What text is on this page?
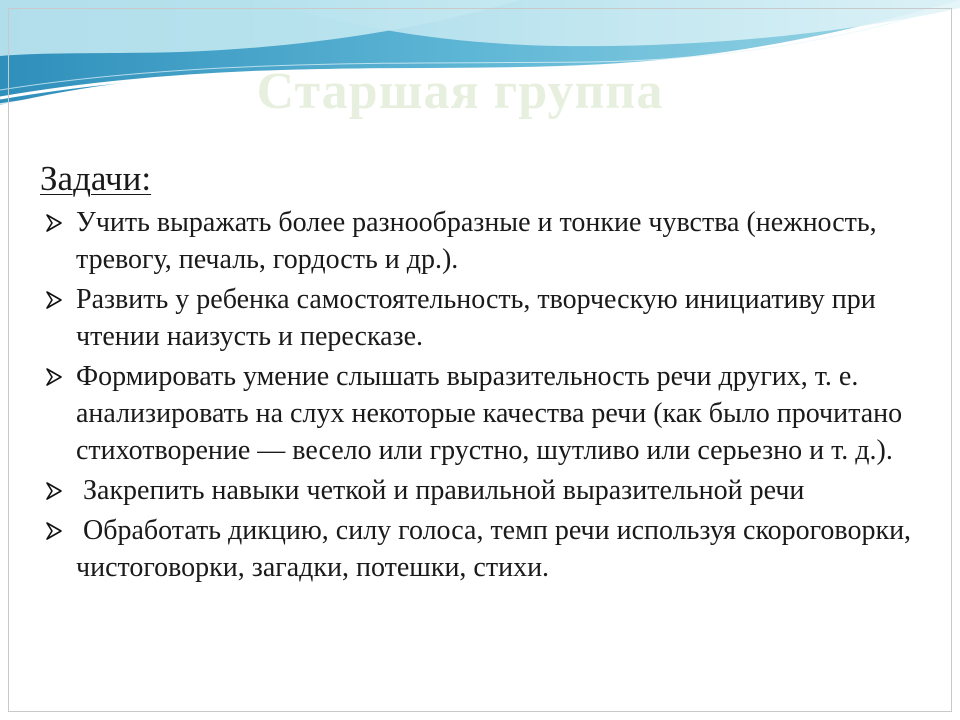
Старшая группа
Задачи:
Учить выражать более разнообразные и тонкие чувства (нежность, тревогу, печаль, гордость и др.).
Развить у ребенка самостоятельность, творческую инициативу при чтении наизусть и пересказе.
Формировать умение слышать выразительность речи других, т. е. анализировать на слух некоторые качества речи (как было прочитано стихотворение — весело или грустно, шутливо или серьезно и т. д.).
Закрепить навыки четкой и правильной выразительной речи
Обработать дикцию, силу голоса, темп речи используя скороговорки, чистоговорки, загадки, потешки, стихи.
